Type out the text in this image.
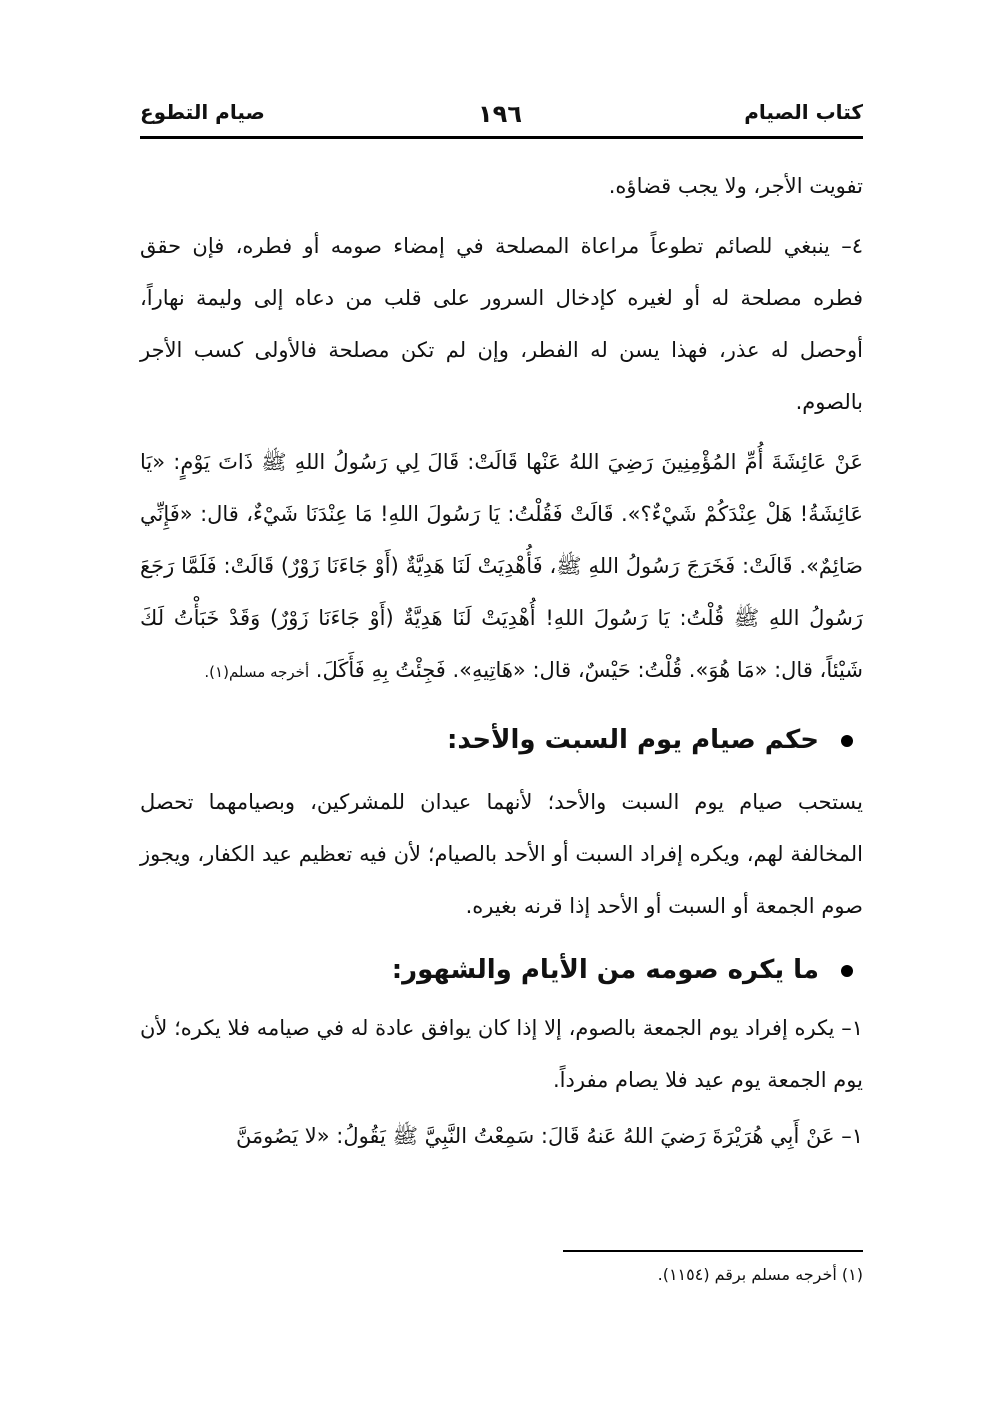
كتاب الصيام
١٩٦
صيام التطوع

تفويت الأجر، ولا يجب قضاؤه.

٤– ينبغي للصائم تطوعاً مراعاة المصلحة في إمضاء صومه أو فطره، فإن حقق فطره مصلحة له أو لغيره كإدخال السرور على قلب من دعاه إلى وليمة نهاراً، أوحصل له عذر، فهذا يسن له الفطر، وإن لم تكن مصلحة فالأولى كسب الأجر بالصوم.

عَنْ عَائِشَةَ أُمِّ المُؤْمِنِينَ رَضِيَ اللهُ عَنْها قَالَتْ: قَالَ لِي رَسُولُ اللهِ ﷺ ذَاتَ يَوْمٍ: «يَا عَائِشَةُ! هَلْ عِنْدَكُمْ شَيْءٌ؟». قَالَتْ فَقُلْتُ: يَا رَسُولَ اللهِ! مَا عِنْدَنَا شَيْءٌ، قال: «فَإِنِّي صَائِمٌ». قَالَتْ: فَخَرَجَ رَسُولُ اللهِ ﷺ، فَأُهْدِيَتْ لَنَا هَدِيَّةٌ (أَوْ جَاءَنَا زَوْرٌ) قَالَتْ: فَلَمَّا رَجَعَ رَسُولُ اللهِ ﷺ قُلْتُ: يَا رَسُولَ اللهِ! أُهْدِيَتْ لَنَا هَدِيَّةٌ (أَوْ جَاءَنَا زَوْرٌ) وَقَدْ خَبَأْتُ لَكَ شَيْئاً، قال: «مَا هُوَ». قُلْتُ: حَيْسٌ، قال: «هَاتِيهِ». فَجِئْتُ بِهِ فَأَكَلَ. أخرجه مسلم(١).

حكم صيام يوم السبت والأحد:

يستحب صيام يوم السبت والأحد؛ لأنهما عيدان للمشركين، وبصيامهما تحصل المخالفة لهم، ويكره إفراد السبت أو الأحد بالصيام؛ لأن فيه تعظيم عيد الكفار، ويجوز صوم الجمعة أو السبت أو الأحد إذا قرنه بغيره.

ما يكره صومه من الأيام والشهور:

١– يكره إفراد يوم الجمعة بالصوم، إلا إذا كان يوافق عادة له في صيامه فلا يكره؛ لأن يوم الجمعة يوم عيد فلا يصام مفرداً.

١– عَنْ أَبِي هُرَيْرَةَ رَضيَ اللهُ عَنهُ قَالَ: سَمِعْتُ النَّبِيَّ ﷺ يَقُولُ: «لا يَصُومَنَّ

(١) أخرجه مسلم برقم (١١٥٤).
